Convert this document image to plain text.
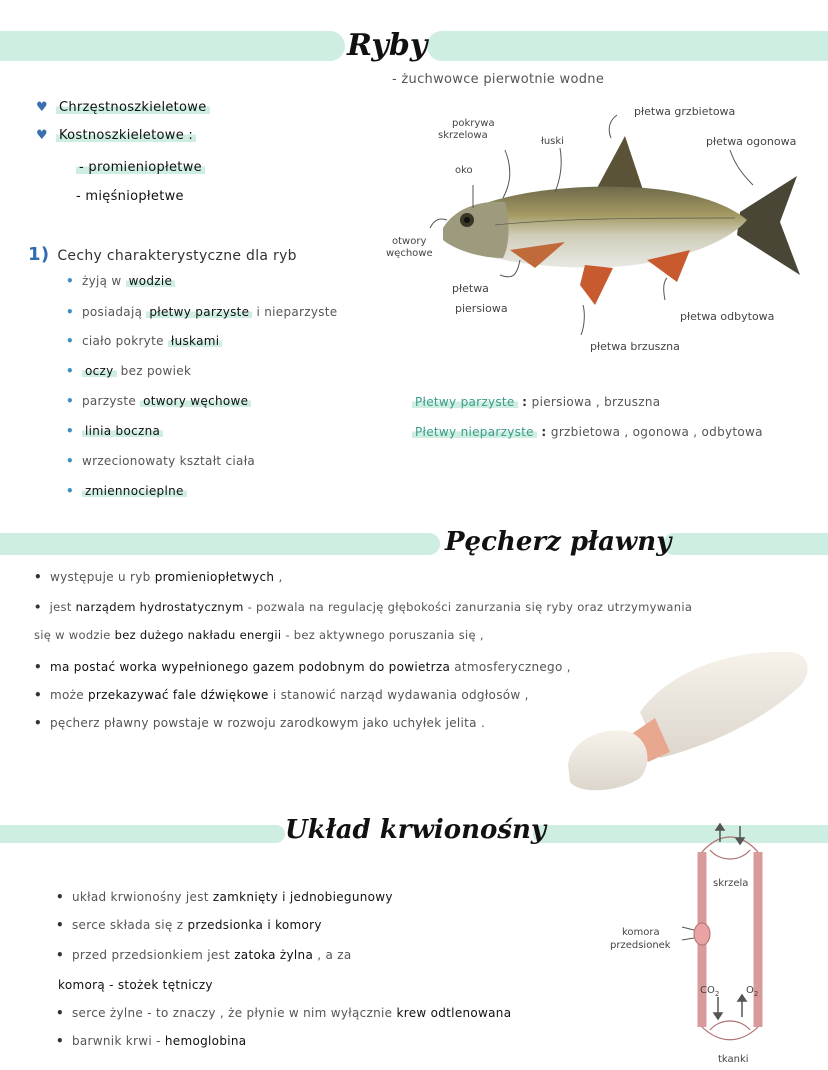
Ryby
- żuchwowce pierwotnie wodne
♥ Chrzęstnoszkieletowe
♥ Kostnoszkieletowe :
- promieniopłetwe
- mięśniopłetwe
1) Cechy charakterystyczne dla ryb
• żyją w wodzie
• posiadają płetwy parzyste i nieparzyste
• ciało pokryte łuskami
• oczy bez powiek
• parzyste otwory węchowe
• linia boczna
• wrzecionowaty kształt ciała
• zmiennocieplne
pokrywa
skrzelowa
łuski
płetwa grzbietowa
płetwa ogonowa
oko
otwory
węchowe
płetwa
piersiowa
płetwa odbytowa
płetwa brzuszna
Płetwy parzyste : piersiowa , brzuszna
Płetwy nieparzyste : grzbietowa , ogonowa , odbytowa
Pęcherz pławny
• występuje u ryb promieniopłetwych ,
• jest narządem hydrostatycznym - pozwala na regulację głębokości zanurzania się ryby oraz utrzymywania
się w wodzie bez dużego nakładu energii - bez aktywnego poruszania się ,
• ma postać worka wypełnionego gazem podobnym do powietrza atmosferycznego ,
• może przekazywać fale dźwiękowe i stanowić narząd wydawania odgłosów ,
• pęcherz pławny powstaje w rozwoju zarodkowym jako uchyłek jelita .
Układ krwionośny
• układ krwionośny jest zamknięty i jednobiegunowy
• serce składa się z przedsionka i komory
• przed przedsionkiem jest zatoka żylna , a za
komorą - stożek tętniczy
• serce żylne - to znaczy , że płynie w nim wyłącznie krew odtlenowana
• barwnik krwi - hemoglobina
skrzela
komora
przedsionek
$CO_2$	$O_2$
tkanki
